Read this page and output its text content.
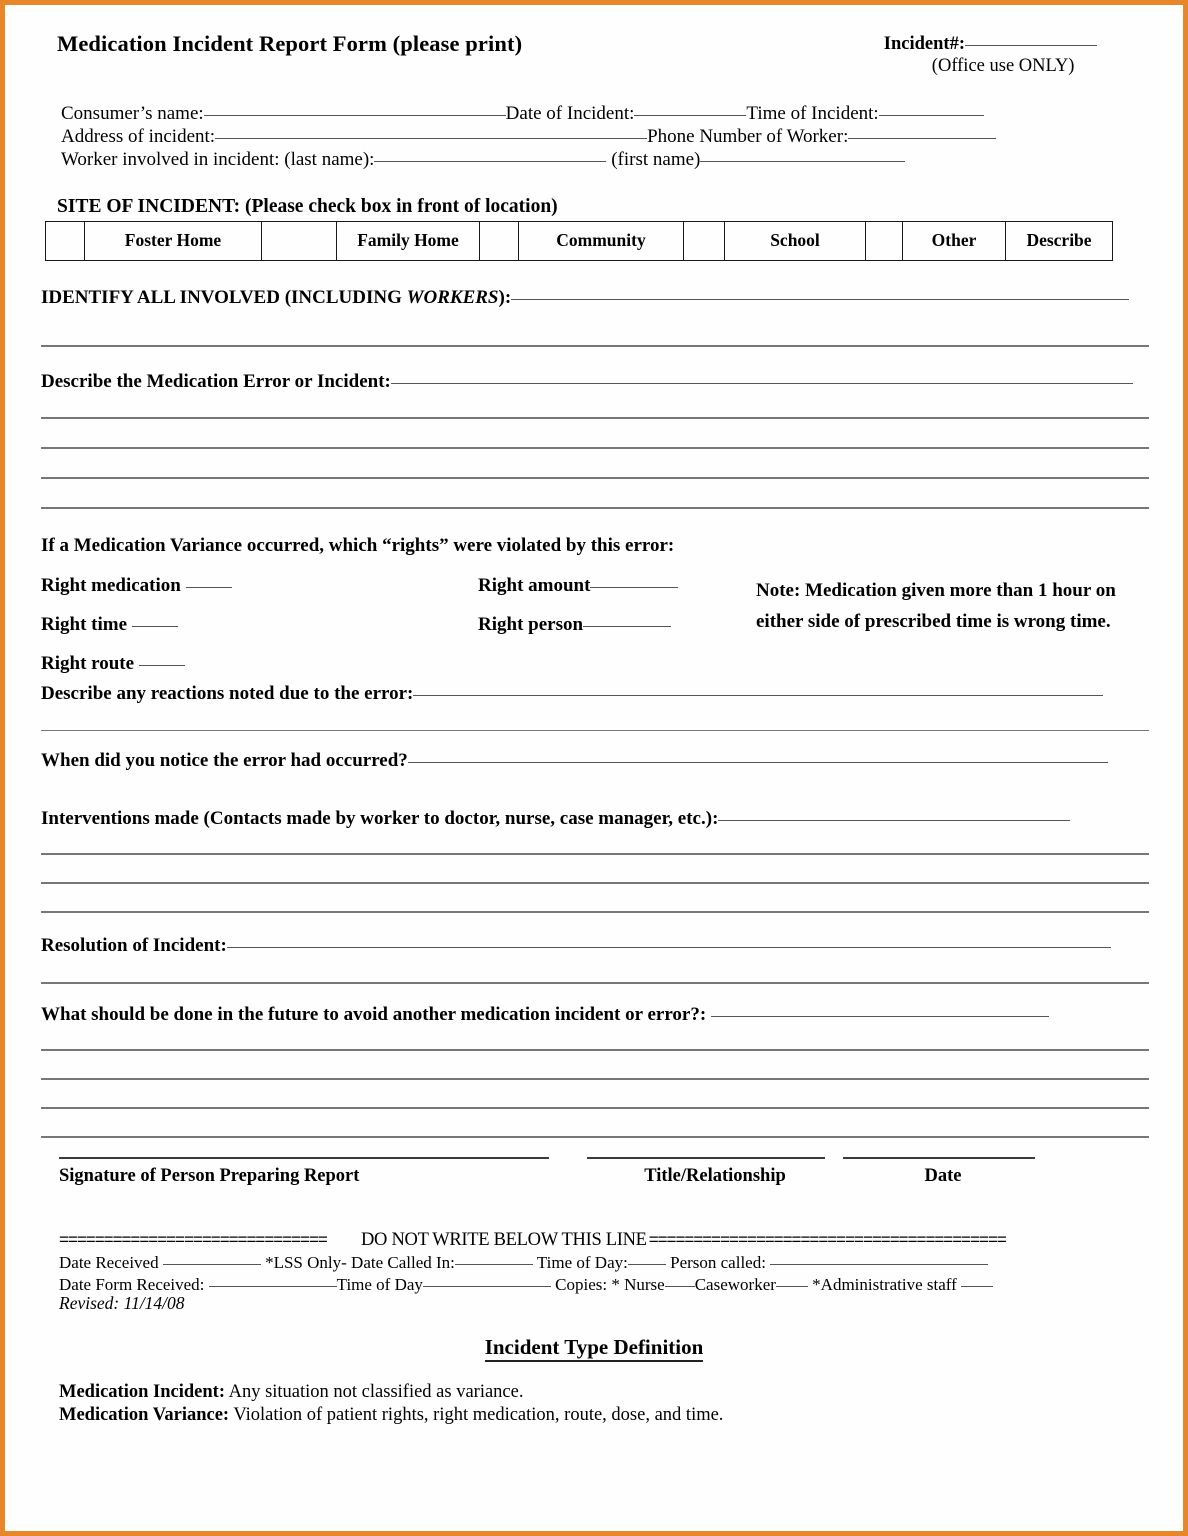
Medication Incident Report Form (please print)	Incident#:
(Office use ONLY)
Consumer’s name:	Date of Incident:	Time of Incident:
Address of incident:	Phone Number of Worker:
Worker involved in incident: (last name):	(first name)
SITE OF INCIDENT: (Please check box in front of location)
	Foster Home		Family Home		Community		School		Other	Describe
IDENTIFY ALL INVOLVED (INCLUDING WORKERS):
Describe the Medication Error or Incident:
If a Medication Variance occurred, which “rights” were violated by this error:
Right medication	Right amount	Note: Medication given more than 1 hour on either side of prescribed time is wrong time.
Right time	Right person
Right route
Describe any reactions noted due to the error:
When did you notice the error had occurred?
Interventions made (Contacts made by worker to doctor, nurse, case manager, etc.):
Resolution of Incident:
What should be done in the future to avoid another medication incident or error?:
Signature of Person Preparing Report	Title/Relationship	Date
==============================	DO NOT WRITE BELOW THIS LINE ========================================
Date Received	*LSS Only- Date Called In:	Time of Day: Person called:
Date Form Received:	Time of Day	Copies: * Nurse Caseworker *Administrative staff
Revised: 11/14/08
Incident Type Definition
Medication Incident: Any situation not classified as variance.
Medication Variance: Violation of patient rights, right medication, route, dose, and time.
